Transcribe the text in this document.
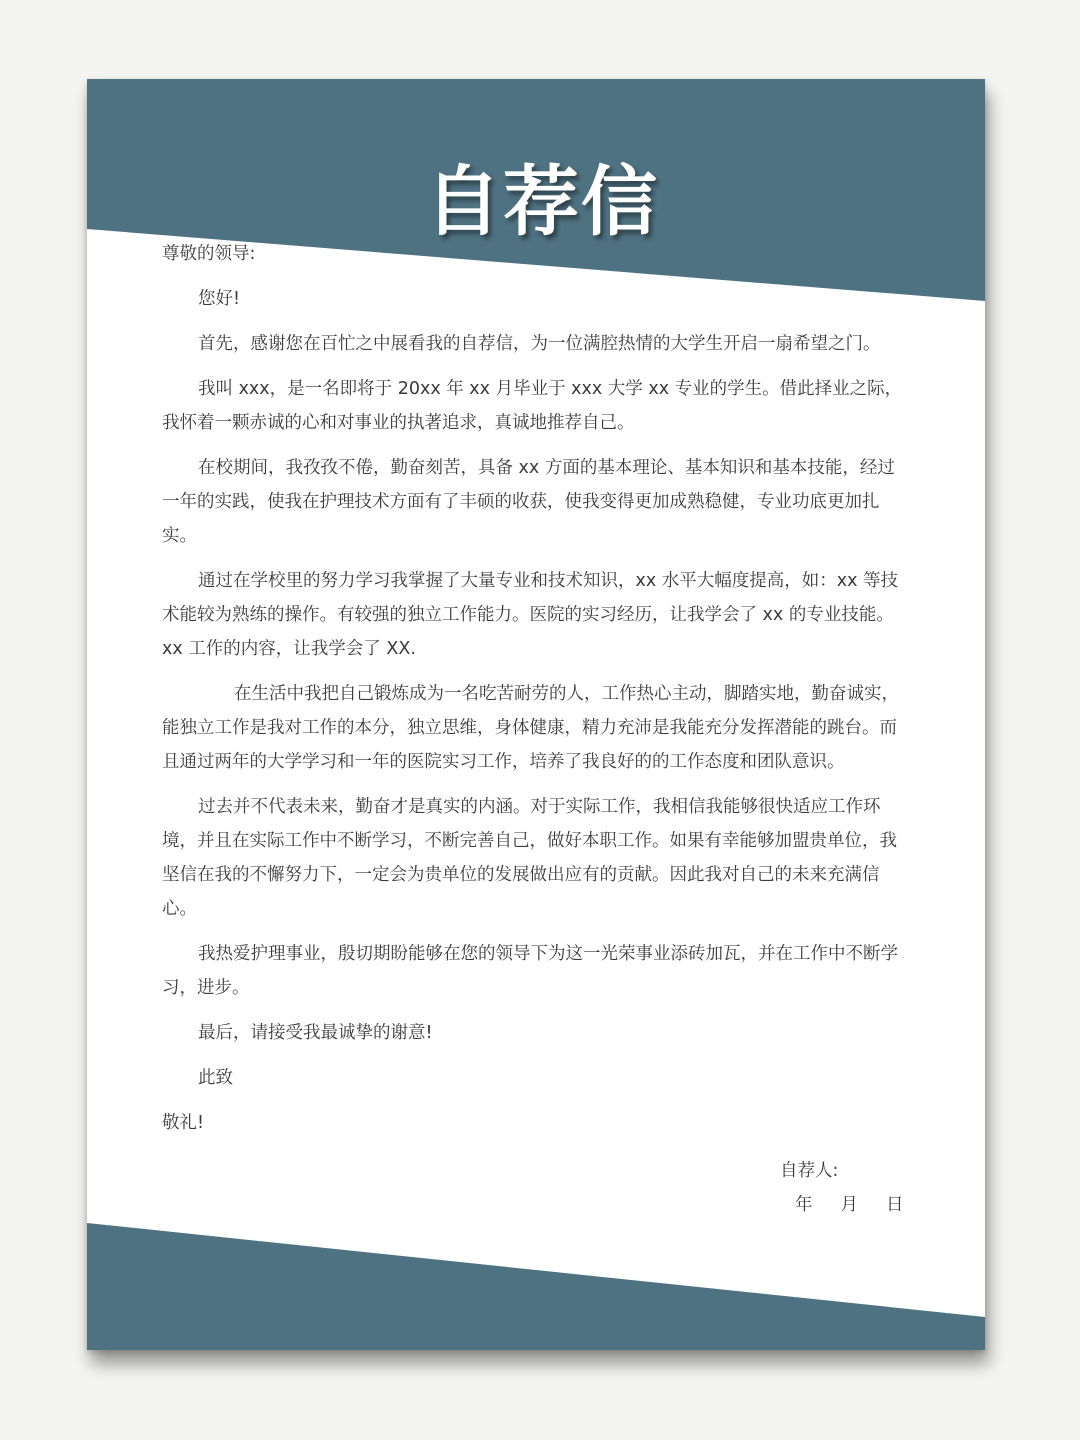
自荐信

尊敬的领导:

您好!

首先，感谢您在百忙之中展看我的自荐信，为一位满腔热情的大学生开启一扇希望之门。

我叫 xxx，是一名即将于 20xx 年 xx 月毕业于 xxx 大学 xx 专业的学生。借此择业之际，我怀着一颗赤诚的心和对事业的执著追求，真诚地推荐自己。

在校期间，我孜孜不倦，勤奋刻苦，具备 xx 方面的基本理论、基本知识和基本技能，经过一年的实践，使我在护理技术方面有了丰硕的收获，使我变得更加成熟稳健，专业功底更加扎实。

通过在学校里的努力学习我掌握了大量专业和技术知识，xx 水平大幅度提高，如：xx 等技术能较为熟练的操作。有较强的独立工作能力。医院的实习经历，让我学会了 xx 的专业技能。xx 工作的内容，让我学会了 XX.

在生活中我把自己锻炼成为一名吃苦耐劳的人，工作热心主动，脚踏实地，勤奋诚实，能独立工作是我对工作的本分，独立思维，身体健康，精力充沛是我能充分发挥潜能的跳台。而且通过两年的大学学习和一年的医院实习工作，培养了我良好的的工作态度和团队意识。

过去并不代表未来，勤奋才是真实的内涵。对于实际工作，我相信我能够很快适应工作环境，并且在实际工作中不断学习，不断完善自己，做好本职工作。如果有幸能够加盟贵单位，我坚信在我的不懈努力下，一定会为贵单位的发展做出应有的贡献。因此我对自己的未来充满信心。

我热爱护理事业，殷切期盼能够在您的领导下为这一光荣事业添砖加瓦，并在工作中不断学习，进步。

最后，请接受我最诚挚的谢意!

此致

敬礼!

自荐人:
年 月 日
